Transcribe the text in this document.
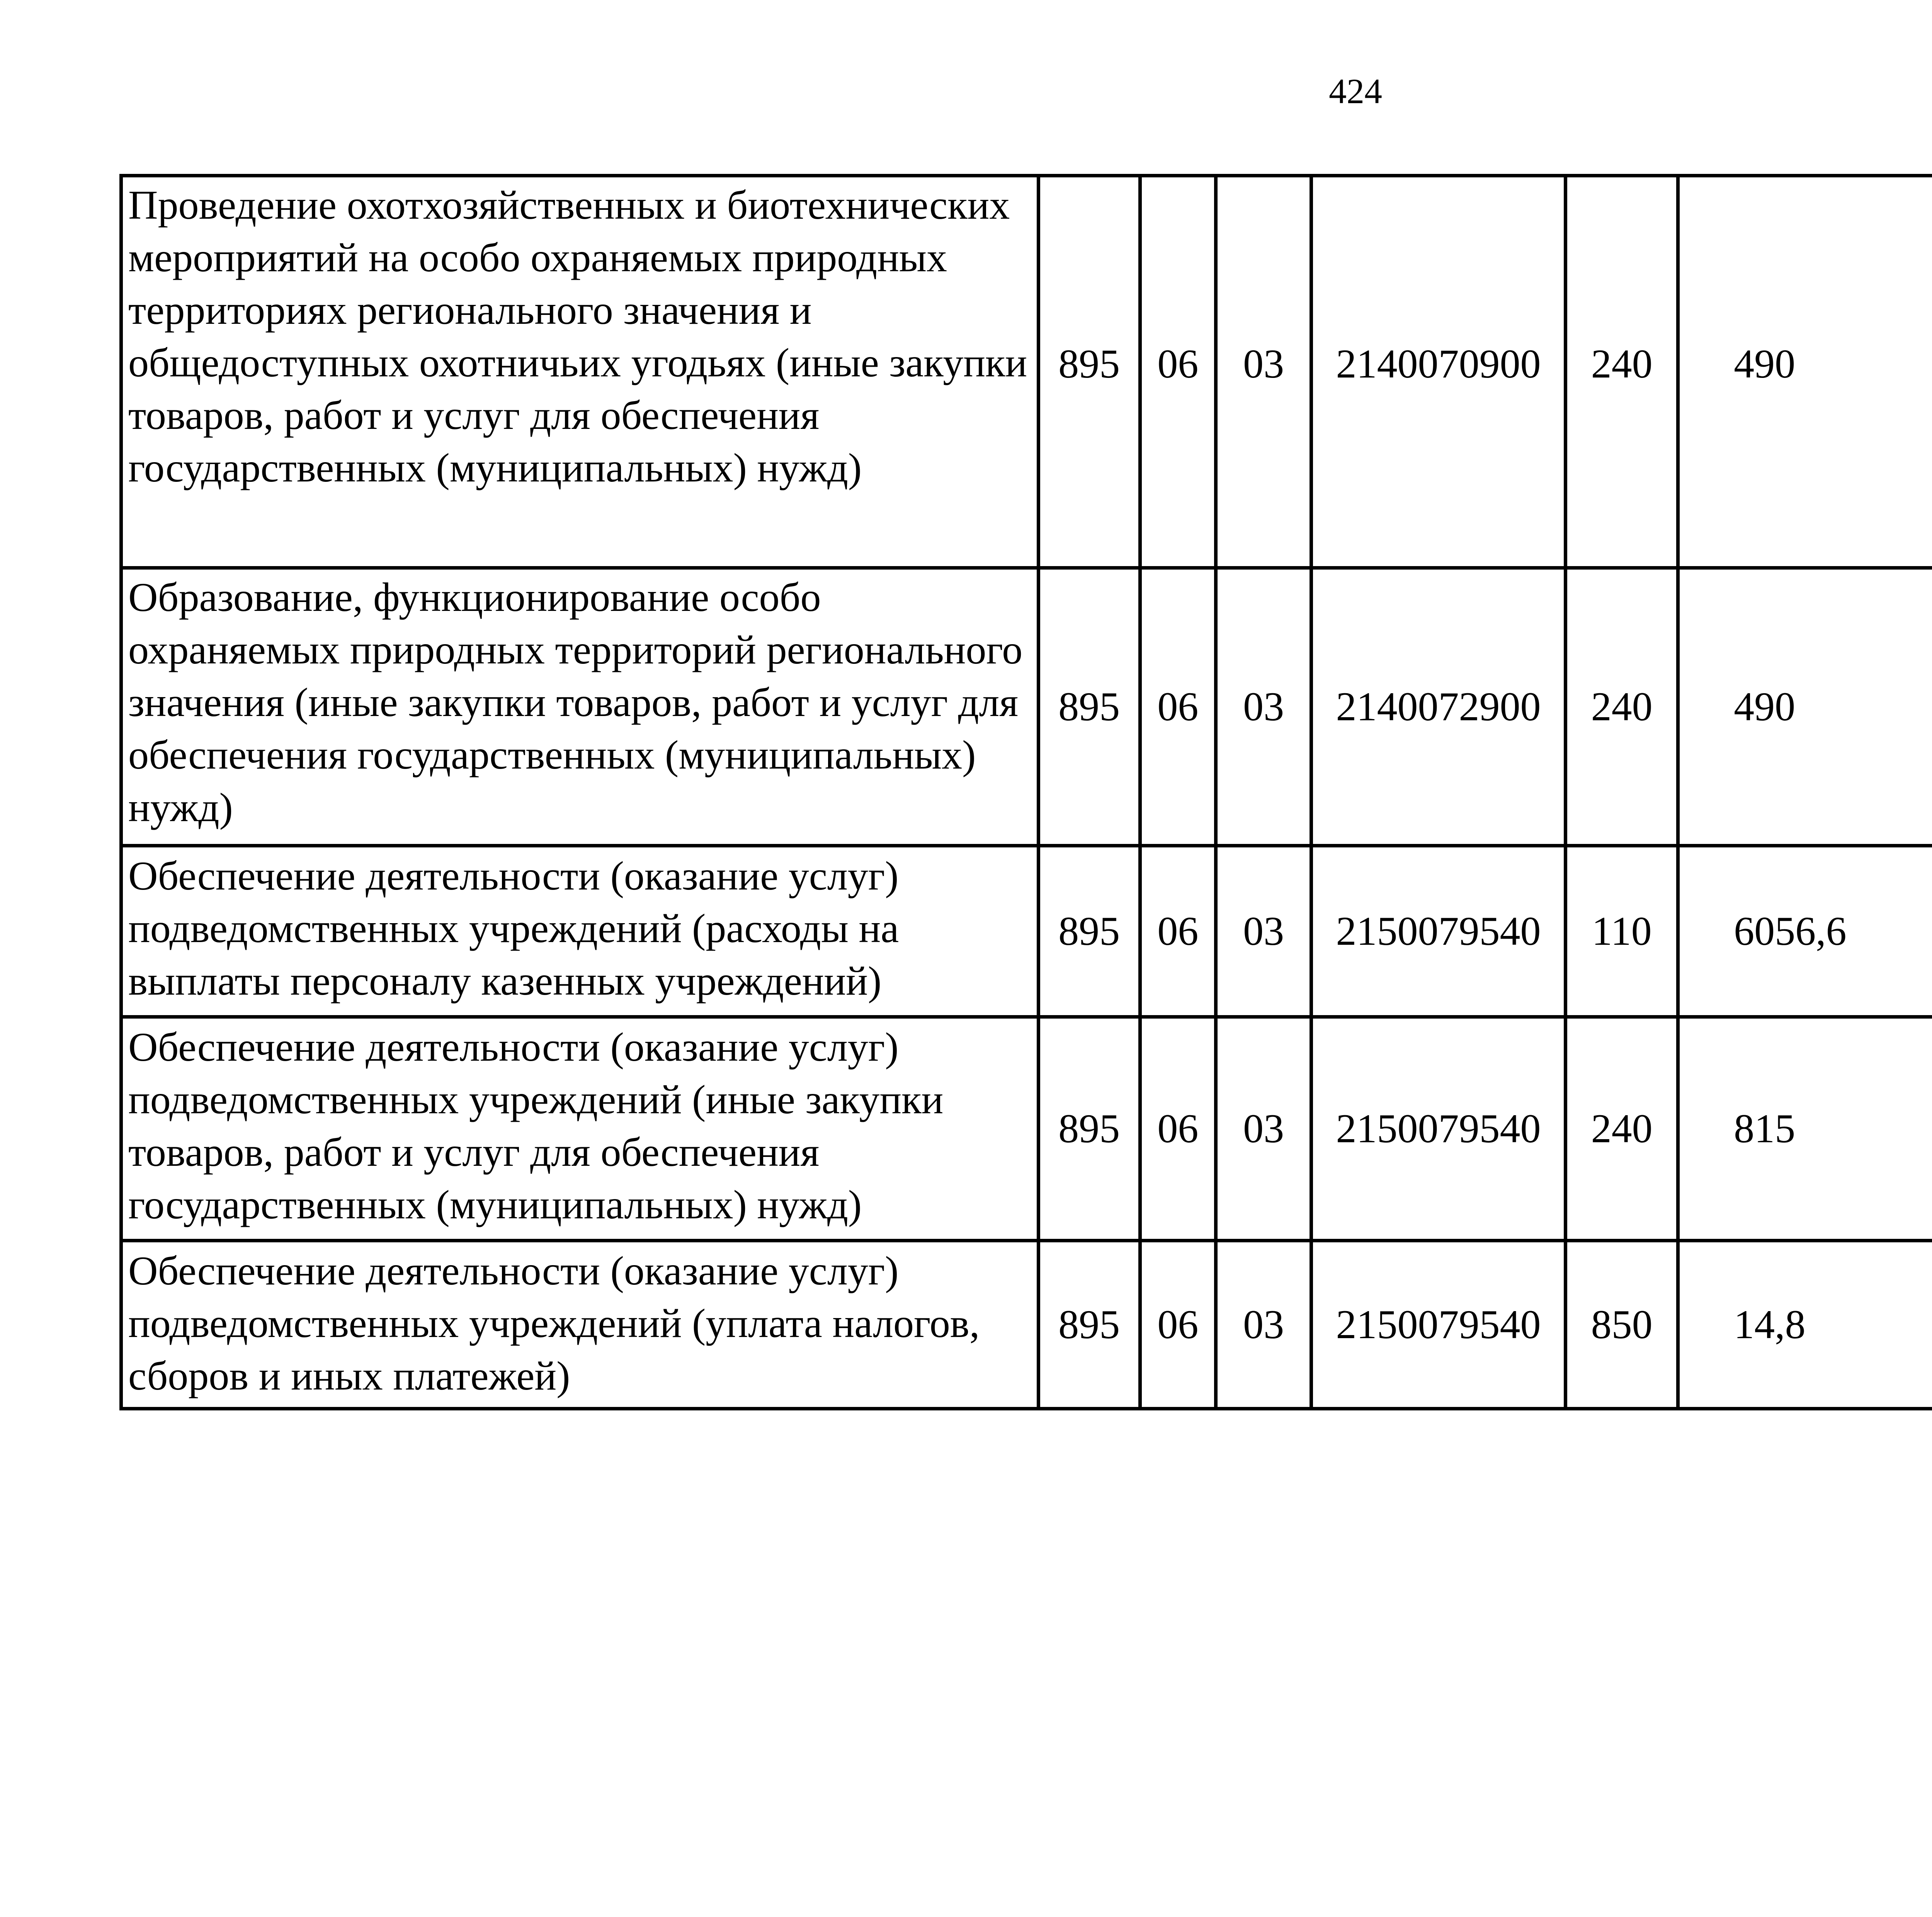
424
Проведение охотхозяйственных и биотехнических мероприятий на особо охраняемых природных территориях регионального значения и общедоступных охотничьих угодьях (иные закупки товаров, работ и услуг для обеспечения государственных (муниципальных) нужд)	895	06	03	2140070900	240	490		
Образование, функционирование особо охраняемых природных территорий регионального значения (иные закупки товаров, работ и услуг для обеспечения государственных (муниципальных) нужд)	895	06	03	2140072900	240	490		
Обеспечение деятельности (оказание услуг) подведомственных учреждений (расходы на выплаты персоналу казенных учреждений)	895	06	03	2150079540	110	6056,6		
Обеспечение деятельности (оказание услуг) подведомственных учреждений (иные закупки товаров, работ и услуг для обеспечения государственных (муниципальных) нужд)	895	06	03	2150079540	240	815		
Обеспечение деятельности (оказание услуг) подведомственных учреждений (уплата налогов, сборов и иных платежей)	895	06	03	2150079540	850	14,8		
